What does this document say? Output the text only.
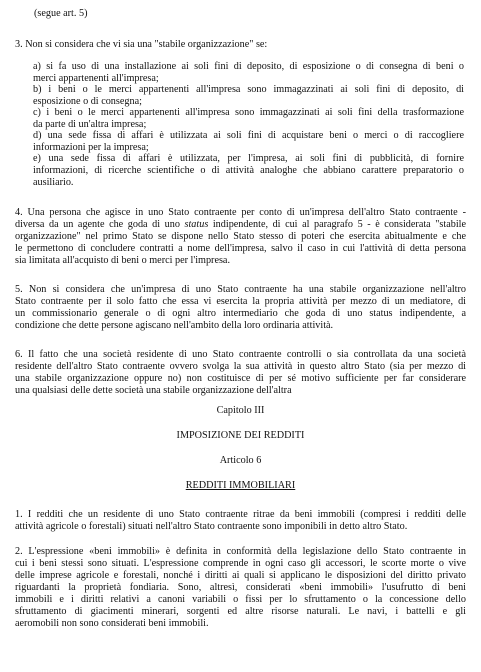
(segue art. 5)
3. Non si considera che vi sia una "stabile organizzazione" se:
a) si fa uso di una installazione ai soli fini di deposito, di esposizione o di consegna di beni o
merci appartenenti all'impresa;
b) i beni o le merci appartenenti all'impresa sono immagazzinati ai soli fini di deposito, di
esposizione o di consegna;
c) i beni o le merci appartenenti all'impresa sono immagazzinati ai soli fini della trasformazione
da parte di un'altra impresa;
d) una sede fissa di affari è utilizzata ai soli fini di acquistare beni o merci o di raccogliere
informazioni per la impresa;
e) una sede fissa di affari è utilizzata, per l'impresa, ai soli fini di pubblicità, di fornire
informazioni, di ricerche scientifiche o di attività analoghe che abbiano carattere preparatorio o
ausiliario.
4. Una persona che agisce in uno Stato contraente per conto di un'impresa dell'altro Stato contraente -
diversa da un agente che goda di uno status indipendente, di cui al paragrafo 5 - è considerata "stabile
organizzazione" nel primo Stato se dispone nello Stato stesso di poteri che esercita abitualmente e che
le permettono di concludere contratti a nome dell'impresa, salvo il caso in cui l'attività di detta persona
sia limitata all'acquisto di beni o merci per l'impresa.
5. Non si considera che un'impresa di uno Stato contraente ha una stabile organizzazione nell'altro
Stato contraente per il solo fatto che essa vi esercita la propria attività per mezzo di un mediatore, di
un commissionario generale o di ogni altro intermediario che goda di uno status indipendente, a
condizione che dette persone agiscano nell'ambito della loro ordinaria attività.
6. Il fatto che una società residente di uno Stato contraente controlli o sia controllata da una società
residente dell'altro Stato contraente ovvero svolga la sua attività in questo altro Stato (sia per mezzo di
una stabile organizzazione oppure no) non costituisce di per sé motivo sufficiente per far considerare
una qualsiasi delle dette società una stabile organizzazione dell'altra
Capitolo III
IMPOSIZIONE DEI REDDITI
Articolo 6
REDDITI IMMOBILIARI
1. I redditi che un residente di uno Stato contraente ritrae da beni immobili (compresi i redditi delle
attività agricole o forestali) situati nell'altro Stato contraente sono imponibili in detto altro Stato.
2. L'espressione «beni immobili» è definita in conformità della legislazione dello Stato contraente in
cui i beni stessi sono situati. L'espressione comprende in ogni caso gli accessori, le scorte morte o vive
delle imprese agricole e forestali, nonché i diritti ai quali si applicano le disposizioni del diritto privato
riguardanti la proprietà fondiaria. Sono, altresì, considerati «beni immobili» l'usufrutto di beni
immobili e i diritti relativi a canoni variabili o fissi per lo sfruttamento o la concessione dello
sfruttamento di giacimenti minerari, sorgenti ed altre risorse naturali. Le navi, i battelli e gli
aeromobili non sono considerati beni immobili.
